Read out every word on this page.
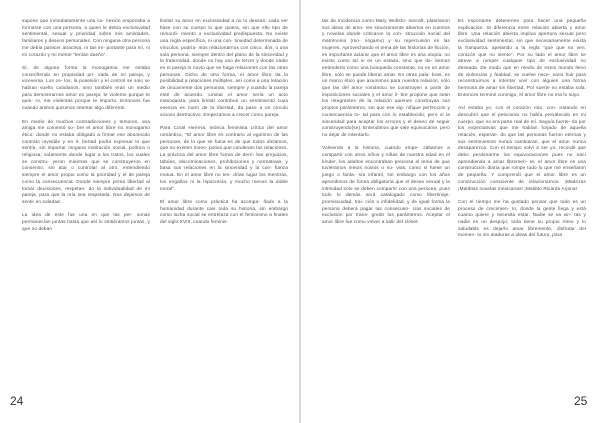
supone que inmediatamente una co- nexión empezaba a formarse con una persona, a quien le debía exclusividad sentimental, sexual y prioridad sobre mis amistades, familiares y deseos personales. Con ninguna otra persona me debía parecer atractiva, ni tan im- portante para mí, ni mi corazón y mi mente "tenían dueño".

Sí, de alguna forma la monogamia me estaba constriñendo en propiedad pri- vada de mi pareja, y viceversa. Los ce- los, la posesión y el control se solo se habían vuelto cotidianos, sino también eran un medio para demostrarnos amor en pareja: te violento porque te quie- ro, me violentas porque te importo. Entonces fue cuando ambos quisimos intentar algo diferente.

En medio de muchos contradicciones y temores, una amiga me comentó so- bre el amor libre no monogamo ético: donde no estaba obligado a firmar ese abonecido contrato invisible y en li- bertad podía expresar lo que sentía, sin importar ninguna institución social, política o religiosa; solamente donde lugar a los tratos, los cuales se constru- yeron mientras que se construyeron en consenso, sin atar o controlar al otro, entendiendo siempre el amor propio como la prioridad y el de pareja como la consecuencia. Donde siempre prima libertad al tomar decisiones, respetan- do la individualidad de mi pareja, para que la mía sea respetada. Nos dejamos de sentir en soledad.

La idea de este fue una en que las per- sonas permanecían juntas hasta que así lo sintiéramos juntas, y que no deban

limitar su amor en exclusividad a no lo desean: cada ser base con su cuerpo lo que quiera, sin que ello tipo de remordi- miento o exclusividad predispuesta. No existe una regla específica, ni una con- tinuidad determinada de vínculos, podría- mos relacionarnos con cinco, dos, o una sola persona, siempre dentro del plano de la sinceridad y la fraternidad, donde no hay uso de tercer y donde nadie es ni pareja ni novio que se haga relaciones con las otras personas. Dicho de otra forma, el amor libre da la posibilidad a relaciones múltiples, así como a una relación de únicamente dos personas, siempre y cuando la pareja esté de acuerdo. Limitar el amor sería un acto masoquista, para limitar contribuir un sentimiento cuya esencia es nutrir de la libertad, da paso a un círculo vicioso destructivo. Empezamos a crecer como pareja.

Para Coral Herrera, teórica feminista crítica del amor romántico, "El amor libre es contrario al egoísmo de las personas, de lo que se fuma es de que todos dictamos, que no existen mono- polios que condenan las relaciones. La práctica del amor libre forma de derri- bar prejuicios, tabúes, discriminaciones, prohibiciones y normativas, y basa sus relaciones en la sinceridad y la con- fianza mutua. En el amor libre no ten- drían lugar los mentiras, los engaños ni la hipocresía, y mucho menos la doble moral".

El amor libre como práctica ha acompa- ñado a la humanidad durante casi toda su historia, sin embargo como lucha social se entrelaza con el feminismo a finales del siglo XVIII, cuando feminis-

24

tas de incidencia como Mary Wollsto- necraft, plasmaron sus ideas de amo- res sinceramente abiertos en cuentos y novelas donde criticaron la con- strucción social del matrimonio (mo- nógamo) y su repercusión en las mujeres. Aprovechando el tema de las historias de ficción, es importante aclarar que el amor libre es una utopía: no existe como tal ni es un estado, sino que de- bemos entenderlo como una búsqueda constante, no es un amor libre, sólo se puede liberar amar. En otras pala- bras, es un marco ético que asumimos para nuestra relación, sólo que las del amor romántico se construyen a partir de imposiciones sociales y el amor li- bre propone que sean los integrantes de la relación quienes construyan sus propios parámetros, sin que ese sig- nifique perfección y consecuencia to- tal para con lo establecido; pero sí la sinceridad para aceptar los errores y el deseo de seguir construyendo(se). Entendimos que vale equivocarse, pero no dejar de intentarlo.

Volviendo a la historia, cuando empe- zábamos a compartir con otros niños y niñas de nuestra edad en el kínder, los adultos encontraban preciosa el tema de que tuviéramos nietos novios o no- vias, como si fuese un juego o fanta- sía infantil, sin embargo con los años aprendimos de forma obligatoria que el deseo sexual y la intimidad solo se deben compartir con una persona, pues todo lo demás será catalogado como libertinaje, promiscuidad, trai- ción o infidelidad, y de igual forma la persona deberá pagar las consecuen- cias sociales de exclusión por trans- gredir los parámetros. Aceptar el amor libre fue como volver a salir del clóset.

Es importante detenerme para hacer una pequeña explicación. Si diferencia entre relación abierta y amor libre. Una relación abierta implica apertura sexual pero exclusividad sentimental, sin que necesariamente exista la franqueza, apelando a la regla "que que no ven, corazón que no siente". Por su lado el amor libre se atreve a romper cualquier tipo de exclusividad no deseada. De modo que en medio de estos mundo lleno de violencias y fealdad, se vuelve nece- sario huir para reconstruirnos a intentar vivir con alguien una forma hermosa de amar sin libertad. Por suerte no estaba sola. Entonces terminé conmigo, el amor libre no era lo suyo.

Así estaba yo, con el corazón roto, con- tratando en descubrir que el peticionar no había prevalecido en mi cuerpo, que no era parte real de mí. Seguía fuerte- do por los expectativas que me habían forjado de aquella relación, esperán- do que las personas fueron eternas y sus sentimientos nunca cambiaran, que el amor nunca desaparezca. Con el tiempo volví a ser yo, recordé que debo perdonarme los equivocaciones pues no nací aprendiendo a amar libremen- te, el amor libre es una construcción diaria que rompe todo lo que me enseñaron de pequeña. Y comprendí que el amor libre es un construcción consciente de relacionarnos. ¡Madrizas ¡Malditas novelas mexicanas! ¡Maldito Ricardo Arjona!

Con el tiempo me ha gustado pensar que todo es un proceso de crecimien- to, donde la gente llega y está cuanto quiere y necesita estar. Nadie se va sin- tas y nadie es un despojo; toda tiene su propio ritmo y lo saludable es dejarlo amar libremente, disfrutar del momen- to sin ataduras a ideas del futuro, para

25
